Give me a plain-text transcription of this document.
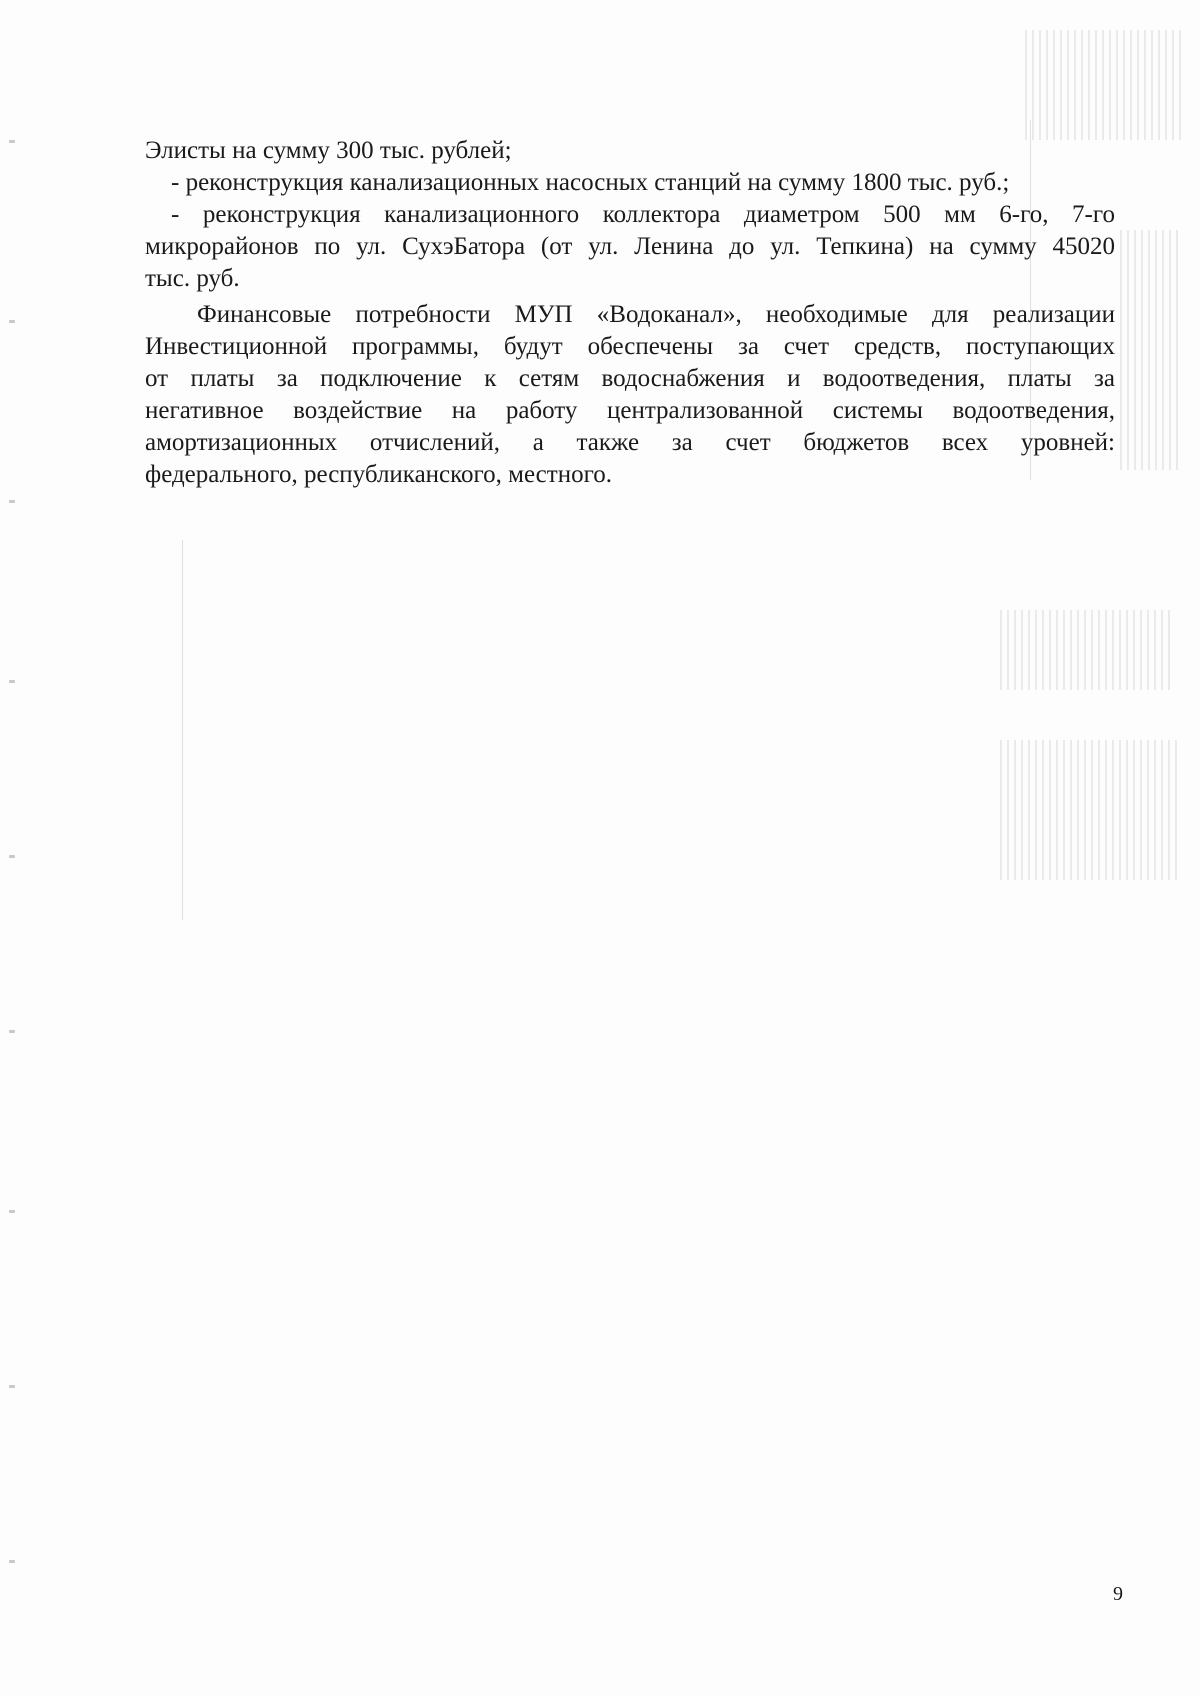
Элисты на сумму 300 тыс. рублей;
- реконструкция канализационных насосных станций на сумму 1800 тыс. руб.;
- реконструкция канализационного коллектора диаметром 500 мм 6-го, 7-го
микрорайонов по ул. СухэБатора (от ул. Ленина до ул. Тепкина) на сумму 45020
тыс. руб.
Финансовые потребности МУП «Водоканал», необходимые для реализации
Инвестиционной программы, будут обеспечены за счет средств, поступающих
от платы за подключение к сетям водоснабжения и водоотведения, платы за
негативное воздействие на работу централизованной системы водоотведения,
амортизационных отчислений, а также за счет бюджетов всех уровней:
федерального, республиканского, местного.
9
